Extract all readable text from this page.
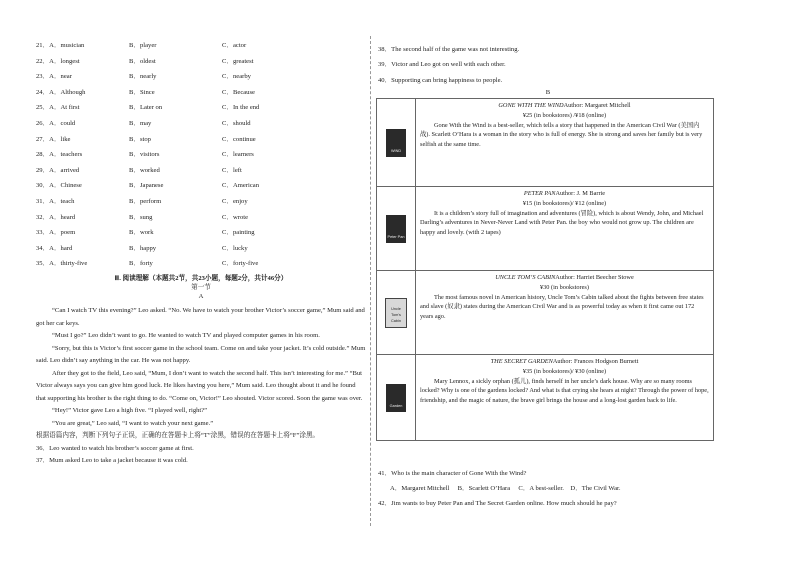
21．A．musician	B．player	C．actor
22．A．longest	B．oldest	C．greatest
23．A．near	B．nearly	C．nearby
24．A．Although	B．Since	C．Because
25．A．At first	B．Later on	C．In the end
26．A．could	B．may	C．should
27．A．like	B．stop	C．continue
28．A．teachers	B．visitors	C．learners
29．A．arrived	B．worked	C．left
30．A．Chinese	B．Japanese	C．American
31．A．teach	B．perform	C．enjoy
32．A．heard	B．sung	C．wrote
33．A．poem	B．work	C．painting
34．A．hard	B．happy	C．lucky
35．A．thirty-five	B．forty	C．forty-five
Ⅲ. 阅读理解（本题共2节，共23小题，每题2分，共计46分）
第一节
A
“Can I watch TV this evening?” Leo asked. “No. We have to watch your brother Victor’s soccer game,” Mum said and got her car keys.
“Must I go?” Leo didn’t want to go. He wanted to watch TV and played computer games in his room.
“Sorry, but this is Victor’s first soccer game in the school team. Come on and take your jacket. It’s cold outside.” Mum said. Leo didn’t say anything in the car. He was not happy.
After they got to the field, Leo said, “Mum, I don’t want to watch the second half. This isn’t interesting for me.” “But Victor always says you can give him good luck. He likes having you here,” Mum said. Leo thought about it and he found that supporting his brother is the right thing to do. “Come on, Victor!” Leo shouted. Victor scored. Soon the game was over.
“Hey!” Victor gave Leo a high five. “I played well, right?”
“You are great,” Leo said, “I want to watch your next game.”
根据语篇内容，判断下列句子正误，正确的在答题卡上将“T”涂黑，错误的在答题卡上将“F”涂黑。
36．Leo wanted to watch his brother’s soccer game at first.
37．Mum asked Leo to take a jacket because it was cold.
38．The second half of the game was not interesting.
39．Victor and Leo got on well with each other.
40．Supporting can bring happiness to people.
B
WIND	GONE WITH THE WINDAuthor: Margaret Mitchell
¥25 (in bookstores) /¥18 (online)
Gone With the Wind is a best-seller, which tells a story that happened in the American Civil War (美国内战). Scarlett O’Hara is a woman in the story who is full of energy. She is strong and saves her family but is very selfish at the same time.

Peter Pan	PETER PANAuthor: J. M Barrie
¥15 (in bookstores)/ ¥12 (online)
It is a children’s story full of imagination and adventures (冒险), which is about Wendy, John, and Michael Darling’s adventures in Never-Never Land with Peter Pan. the boy who would not grow up. The children are happy and lovely. (with 2 tapes)

Uncle Tom's Cabin	UNCLE TOM’S CABINAuthor: Harriet Beecher Stowe
¥30 (in bookstores)
The most famous novel in American history, Uncle Tom’s Cabin talked about the fights between free states and slave (奴隶) states during the American Civil War and is as powerful today as when it first came out 172 years ago.

Garden	THE SECRET GARDENAuthor: Frances Hodgson Burnett
¥35 (in bookstores)/ ¥30 (online)
Mary Lennox, a sickly orphan (孤儿), finds herself in her uncle’s dark house. Why are so many rooms locked? Why is one of the gardens locked? And what is that crying she hears at night? Through the power of hope, friendship, and the magic of nature, the brave girl brings the house and a long-lost garden back to life.
41．Who is the main character of Gone With the Wind?
A．Margaret Mitchell　 B．Scarlett O’Hara　 C．A best-seller.　D．The Civil War.
42．Jim wants to buy Peter Pan and The Secret Garden online. How much should he pay?
